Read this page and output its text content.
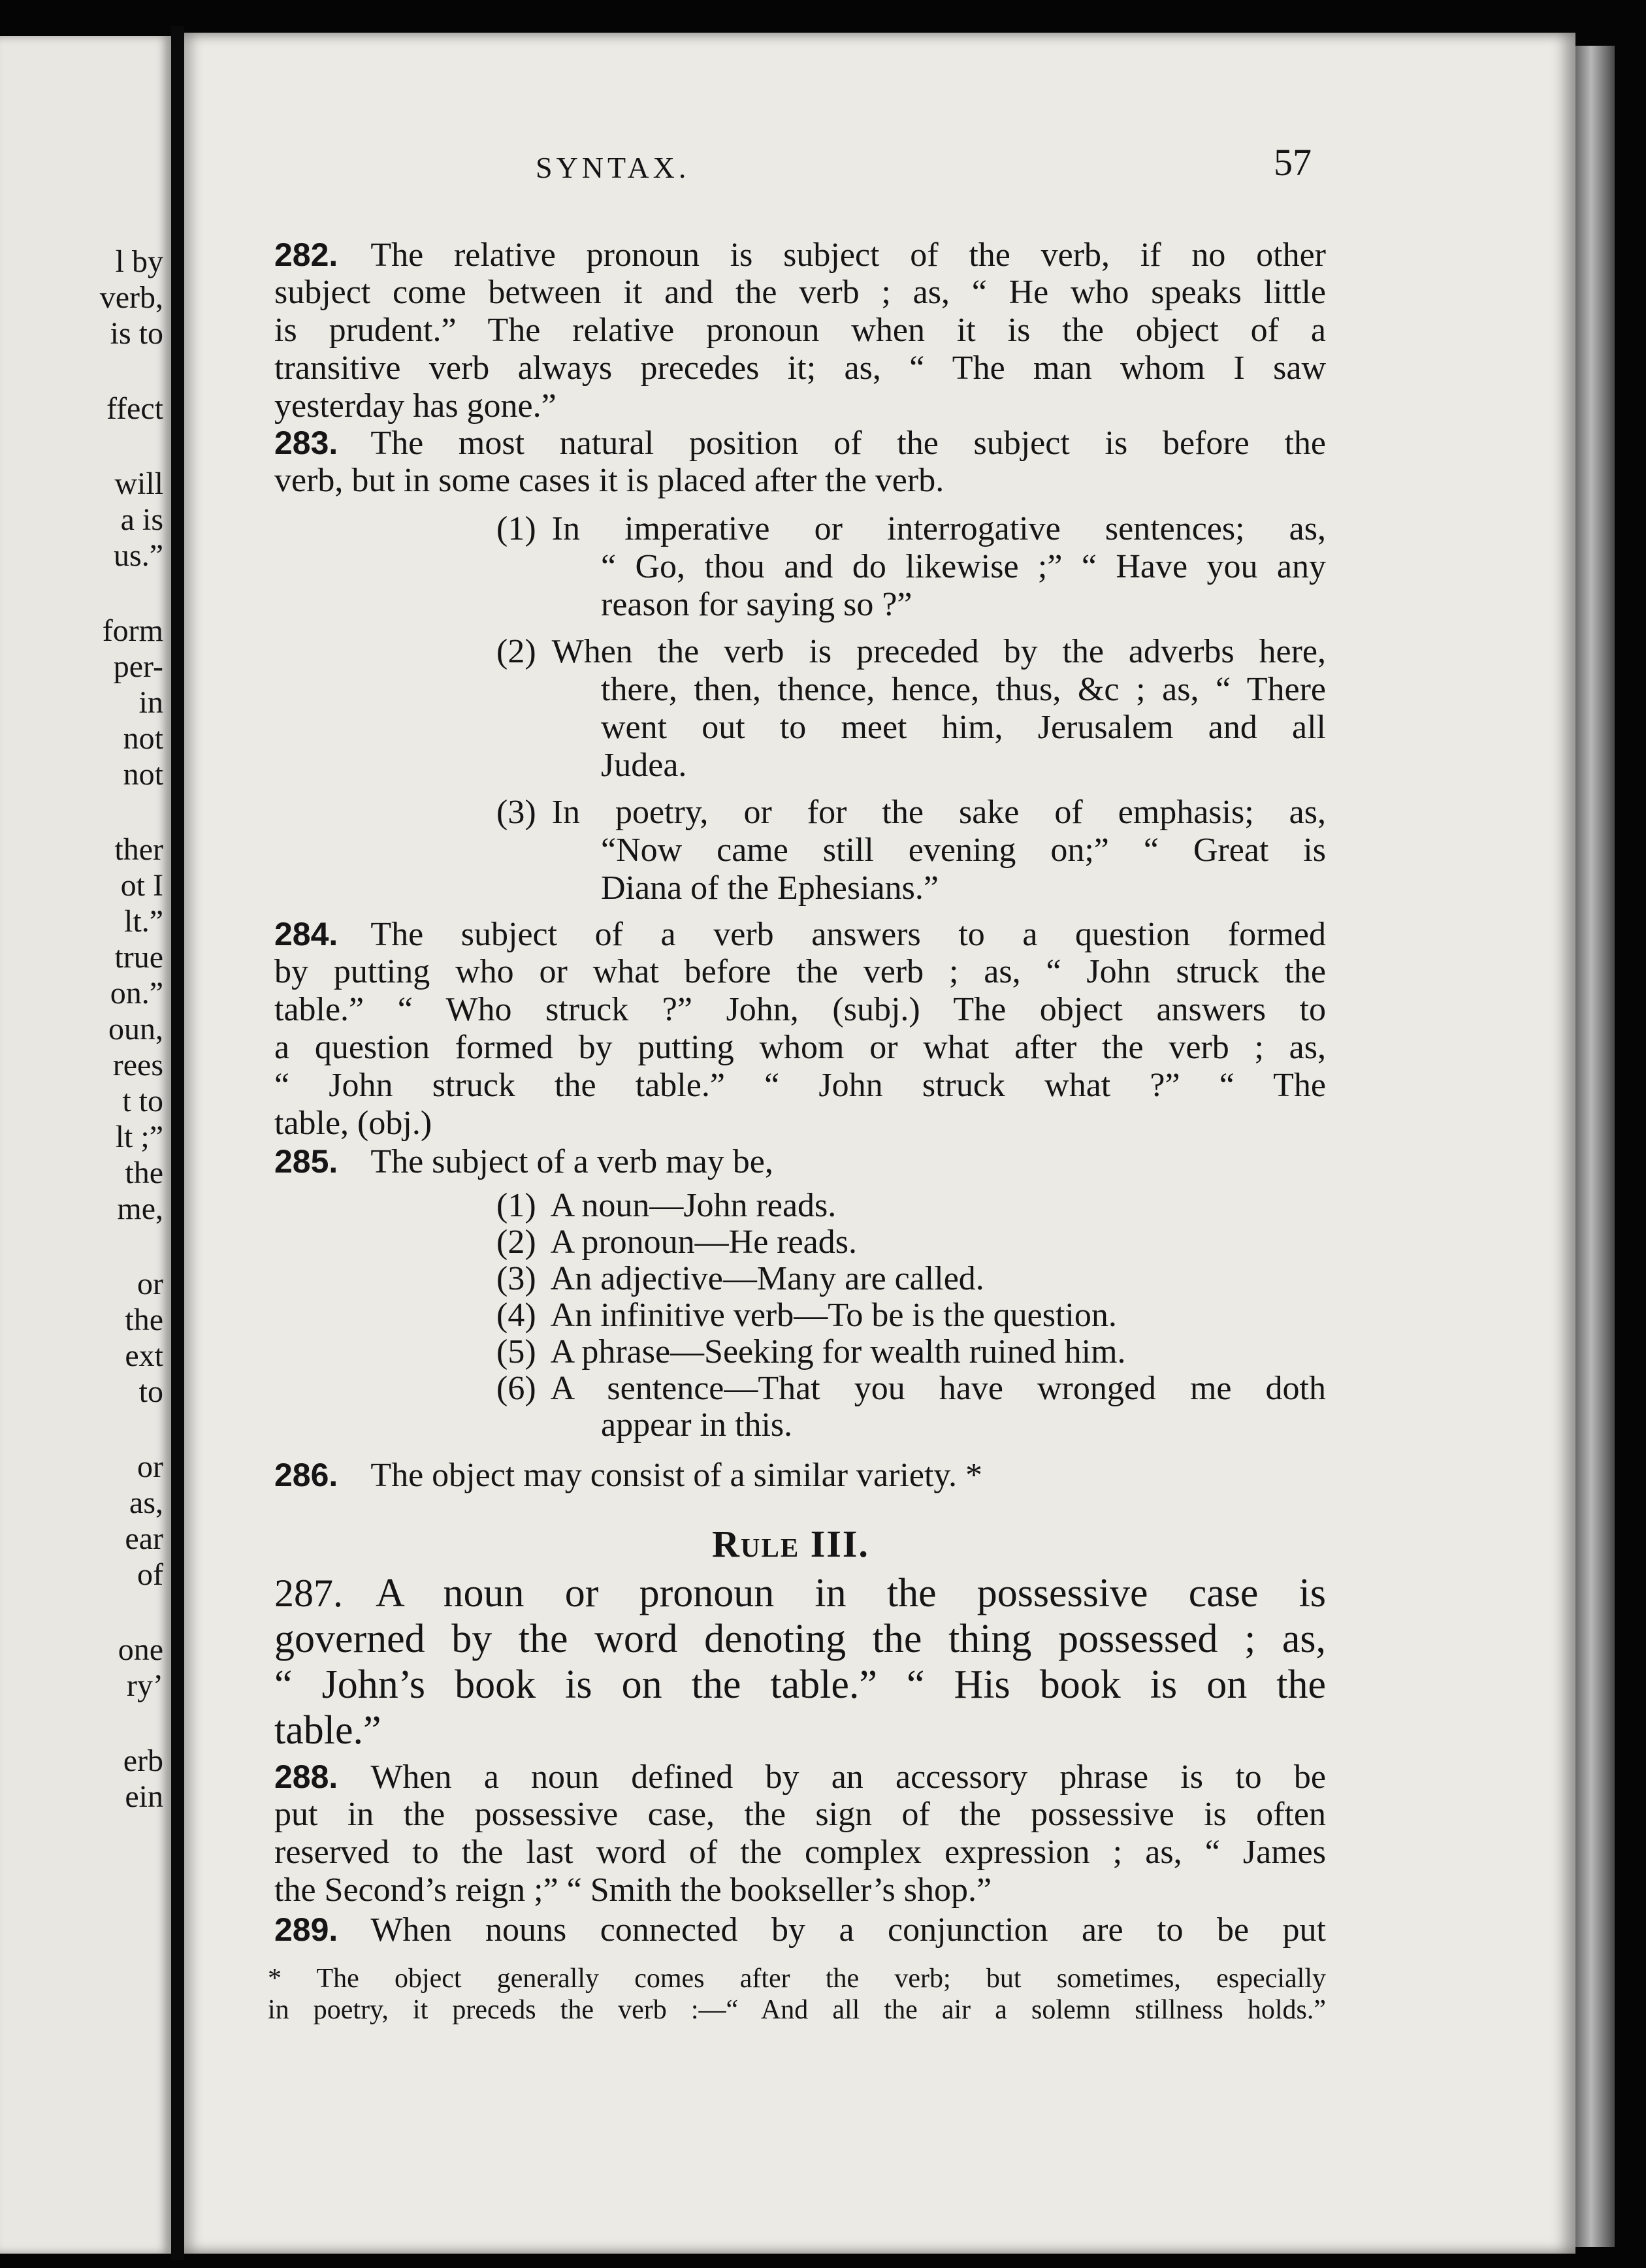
l by
verb,
is to
ffect
will
a is
us.”
form
per-
in
not
not
ther
ot I
lt.”
true
on.”
oun,
rees
t to
lt ;”
the
me,
or
the
ext
to
or
as,
ear
of
one
ry’
erb
ein
SYNTAX.	57
282. The relative pronoun is subject of the verb, if no other
subject come between it and the verb ; as, “ He who speaks little
is prudent.” The relative pronoun when it is the object of a
transitive verb always precedes it; as, “ The man whom I saw
yesterday has gone.”
283. The most natural position of the subject is before the
verb, but in some cases it is placed after the verb.
(1) In imperative or interrogative sentences; as,
“ Go, thou and do likewise ;” “ Have you any
reason for saying so ?”
(2) When the verb is preceded by the adverbs here,
there, then, thence, hence, thus, &c ; as, “ There
went out to meet him, Jerusalem and all
Judea.
(3) In poetry, or for the sake of emphasis; as,
“Now came still evening on;” “ Great is
Diana of the Ephesians.”
284. The subject of a verb answers to a question formed
by putting who or what before the verb ; as, “ John struck the
table.” “ Who struck ?” John, (subj.) The object answers to
a question formed by putting whom or what after the verb ; as,
“ John struck the table.” “ John struck what ?” “ The
table, (obj.)
285. The subject of a verb may be,
(1) A noun—John reads.
(2) A pronoun—He reads.
(3) An adjective—Many are called.
(4) An infinitive verb—To be is the question.
(5) A phrase—Seeking for wealth ruined him.
(6) A sentence—That you have wronged me doth
appear in this.
286. The object may consist of a similar variety. *
Rule III.
287. A noun or pronoun in the possessive case is
governed by the word denoting the thing possessed ; as,
“ John’s book is on the table.” “ His book is on the
table.”
288. When a noun defined by an accessory phrase is to be
put in the possessive case, the sign of the possessive is often
reserved to the last word of the complex expression ; as, “ James
the Second’s reign ;” “ Smith the bookseller’s shop.”
289. When nouns connected by a conjunction are to be put
* The object generally comes after the verb; but sometimes, especially
in poetry, it preceds the verb :—“ And all the air a solemn stillness holds.”
